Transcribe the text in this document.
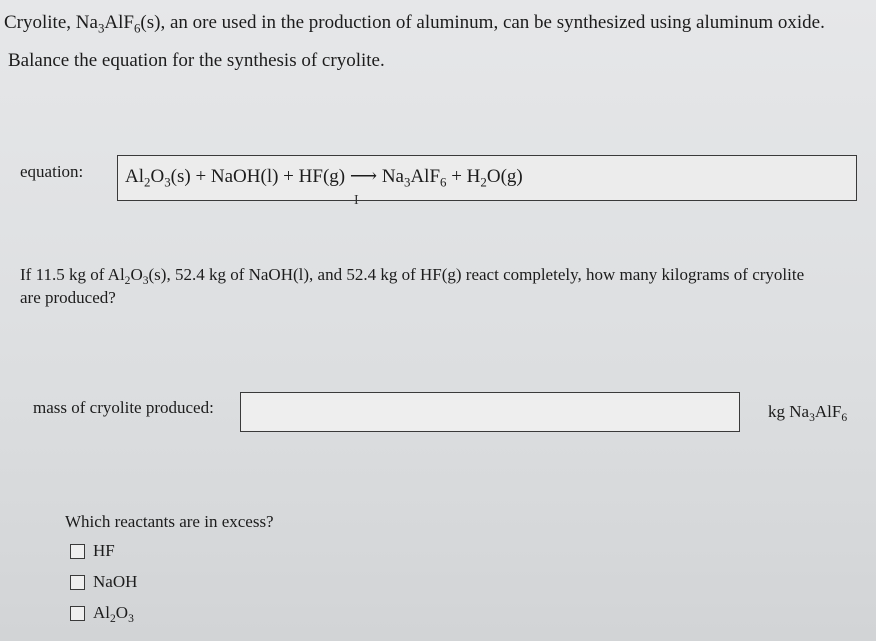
Cryolite, $Na_3AlF_6(s)$, an ore used in the production of aluminum, can be synthesized using aluminum oxide.
Balance the equation for the synthesis of cryolite.
equation: $Al_2O_3(s)$ + NaOH(l) + HF(g) ⟶ $Na_3AlF_6 + H_2O(g)$
I
If 11.5 kg of $Al_2O_3(s)$, 52.4 kg of NaOH(l), and 52.4 kg of HF(g) react completely, how many kilograms of cryolite
are produced?
mass of cryolite produced:	kg $Na_3AlF_6$
Which reactants are in excess?
HF
NaOH
$Al_2O_3$
